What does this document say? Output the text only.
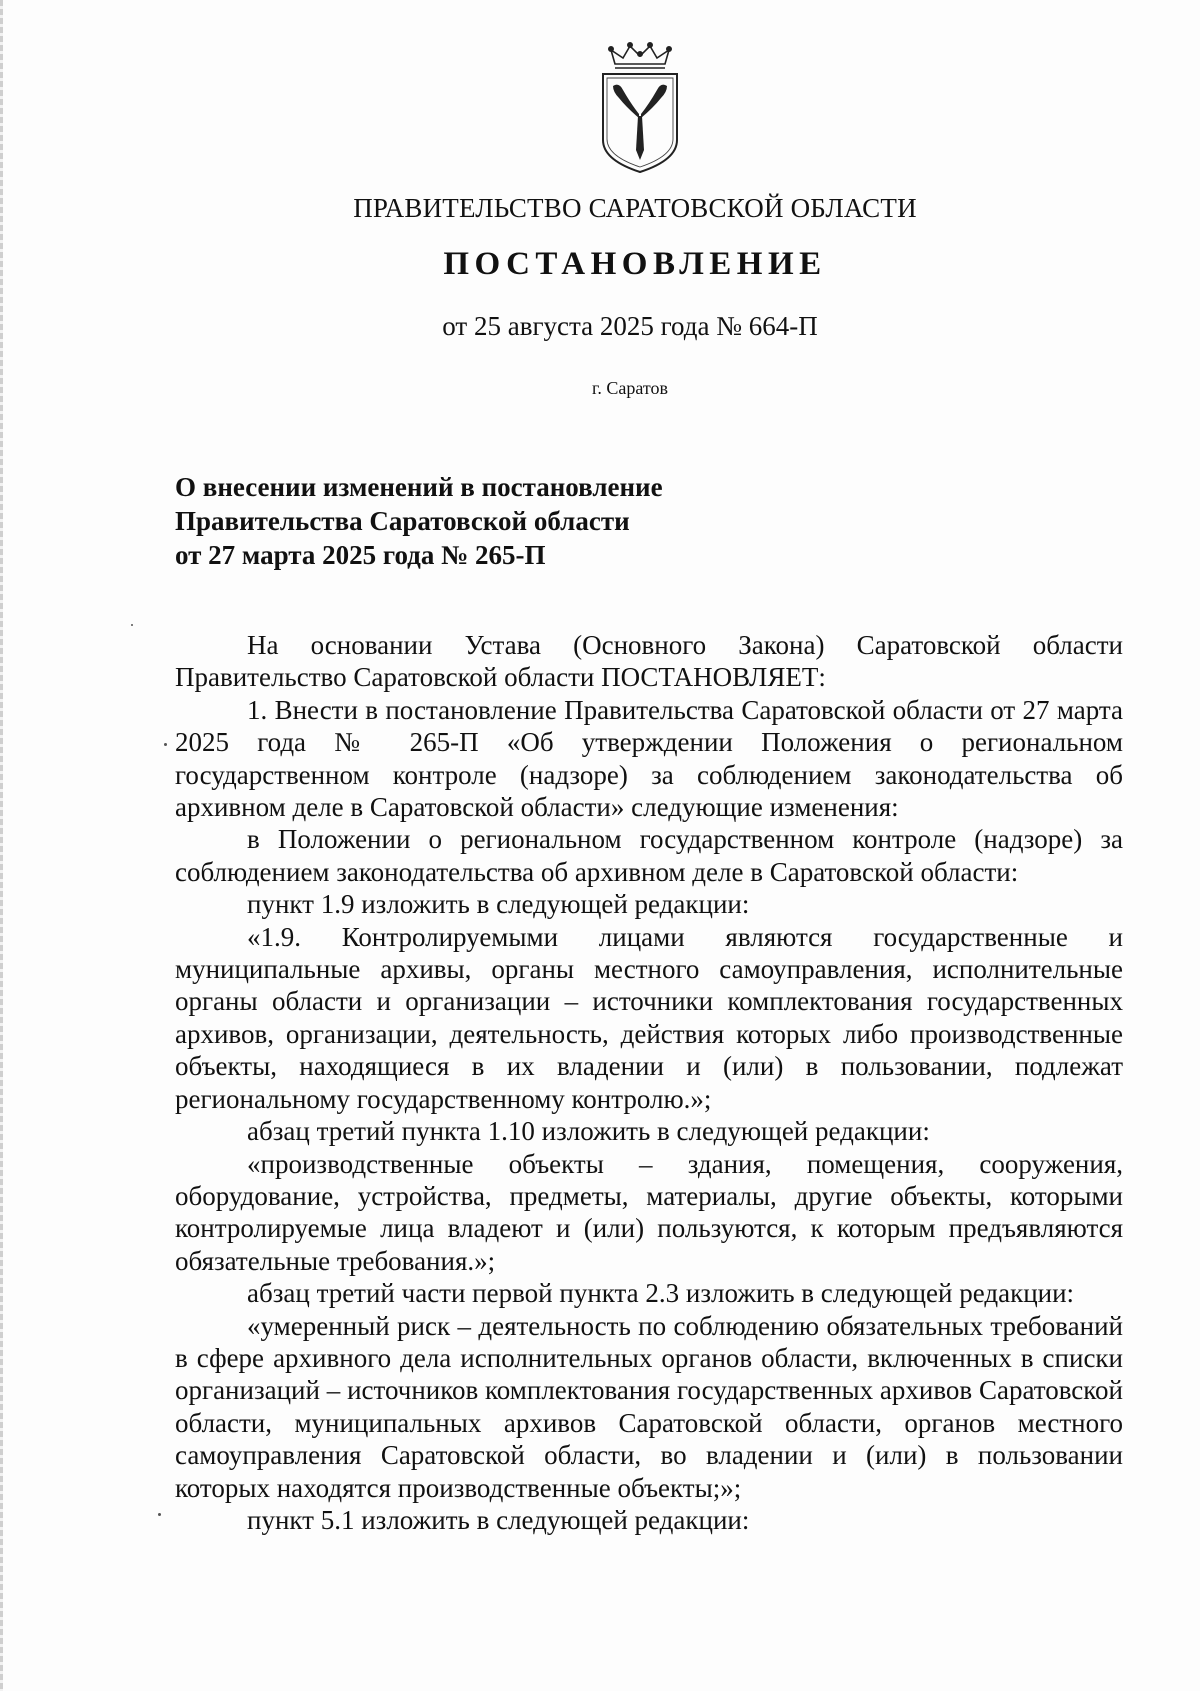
ПРАВИТЕЛЬСТВО САРАТОВСКОЙ ОБЛАСТИ
ПОСТАНОВЛЕНИЕ
от 25 августа 2025 года № 664-П
г. Саратов
О внесении изменений в постановление
Правительства Саратовской области
от 27 марта 2025 года № 265-П

На основании Устава (Основного Закона) Саратовской области Правительство Саратовской области ПОСТАНОВЛЯЕТ:

1. Внести в постановление Правительства Саратовской области от 27 марта 2025 года № 265-П «Об утверждении Положения о региональном государственном контроле (надзоре) за соблюдением законодательства об архивном деле в Саратовской области» следующие изменения:

в Положении о региональном государственном контроле (надзоре) за соблюдением законодательства об архивном деле в Саратовской области:

пункт 1.9 изложить в следующей редакции:

«1.9. Контролируемыми лицами являются государственные и муниципальные архивы, органы местного самоуправления, исполнительные органы области и организации – источники комплектования государственных архивов, организации, деятельность, действия которых либо производственные объекты, находящиеся в их владении и (или) в пользовании, подлежат региональному государственному контролю.»;

абзац третий пункта 1.10 изложить в следующей редакции:

«производственные объекты – здания, помещения, сооружения, оборудование, устройства, предметы, материалы, другие объекты, которыми контролируемые лица владеют и (или) пользуются, к которым предъявляются обязательные требования.»;

абзац третий части первой пункта 2.3 изложить в следующей редакции:

«умеренный риск – деятельность по соблюдению обязательных требований в сфере архивного дела исполнительных органов области, включенных в списки организаций – источников комплектования государственных архивов Саратовской области, муниципальных архивов Саратовской области, органов местного самоуправления Саратовской области, во владении и (или) в пользовании которых находятся производственные объекты;»;

пункт 5.1 изложить в следующей редакции:
